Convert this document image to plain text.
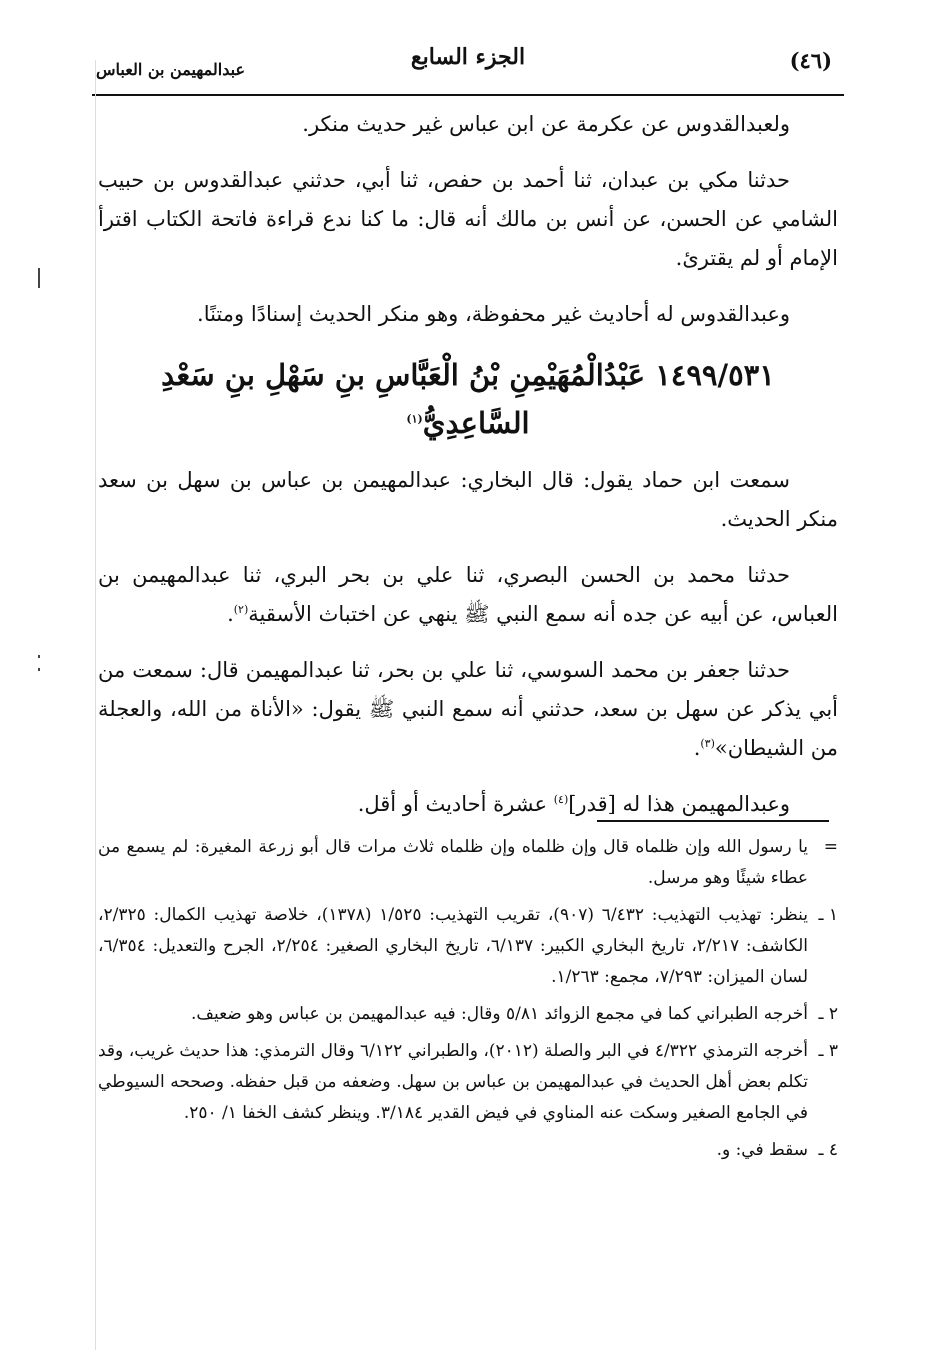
(٤٦)
الجزء السابع
عبدالمهيمن بن العباس

ولعبدالقدوس عن عكرمة عن ابن عباس غير حديث منكر.

حدثنا مكي بن عبدان، ثنا أحمد بن حفص، ثنا أبي، حدثني عبدالقدوس بن حبيب الشامي عن الحسن، عن أنس بن مالك أنه قال: ما كنا ندع قراءة فاتحة الكتاب اقترأ الإمام أو لم يقترئ.

وعبدالقدوس له أحاديث غير محفوظة، وهو منكر الحديث إسنادًا ومتنًا.

١٤٩٩/٥٣١ عَبْدُالْمُهَيْمِنِ بْنُ الْعَبَّاسِ بنِ سَهْلِ بنِ سَعْدِ السَّاعِدِيُّ$^{(١)}$

سمعت ابن حماد يقول: قال البخاري: عبدالمهيمن بن عباس بن سهل بن سعد منكر الحديث.

حدثنا محمد بن الحسن البصري، ثنا علي بن بحر البري، ثنا عبدالمهيمن بن العباس، عن أبيه عن جده أنه سمع النبي ﷺ ينهي عن اختباث الأسقية$^{(٢)}$.

حدثنا جعفر بن محمد السوسي، ثنا علي بن بحر، ثنا عبدالمهيمن قال: سمعت من أبي يذكر عن سهل بن سعد، حدثني أنه سمع النبي ﷺ يقول: «الأناة من الله، والعجلة من الشيطان»$^{(٣)}$.

وعبدالمهيمن هذا له [قدر]$^{(٤)}$ عشرة أحاديث أو أقل.

=
يا رسول الله وإن ظلماه قال وإن ظلماه وإن ظلماه ثلاث مرات قال أبو زرعة المغيرة: لم يسمع من عطاء شيئًا وهو مرسل.
١ ـ
ينظر: تهذيب التهذيب: ٦/٤٣٢ (٩٠٧)، تقريب التهذيب: ١/٥٢٥ (١٣٧٨)، خلاصة تهذيب الكمال: ٢/٣٢٥، الكاشف: ٢/٢١٧، تاريخ البخاري الكبير: ٦/١٣٧، تاريخ البخاري الصغير: ٢/٢٥٤، الجرح والتعديل: ٦/٣٥٤، لسان الميزان: ٧/٢٩٣، مجمع: ١/٢٦٣.
٢ ـ
أخرجه الطبراني كما في مجمع الزوائد ٥/٨١ وقال: فيه عبدالمهيمن بن عباس وهو ضعيف.
٣ ـ
أخرجه الترمذي ٤/٣٢٢ في البر والصلة (٢٠١٢)، والطبراني ٦/١٢٢ وقال الترمذي: هذا حديث غريب، وقد تكلم بعض أهل الحديث في عبدالمهيمن بن عباس بن سهل. وضعفه من قبل حفظه. وصححه السيوطي في الجامع الصغير وسكت عنه المناوي في فيض القدير ٣/١٨٤. وينظر كشف الخفا ١/ ٢٥٠.
٤ ـ
سقط في: و.
